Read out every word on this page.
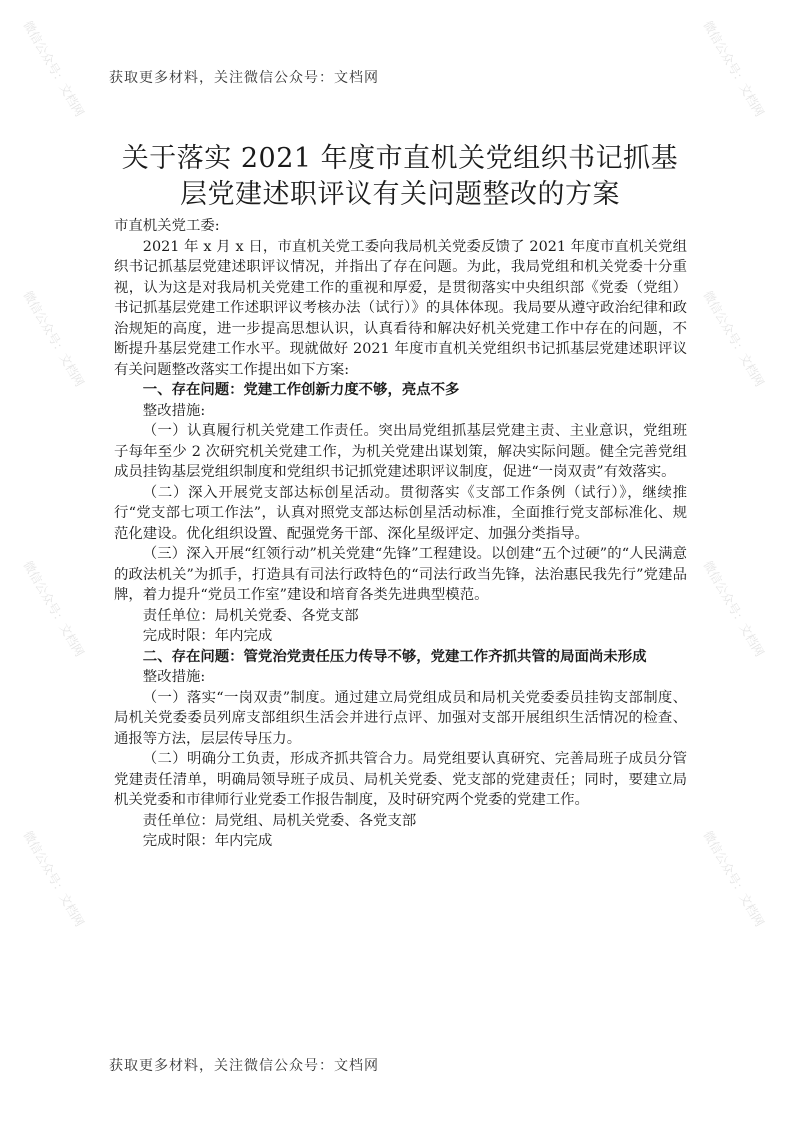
微信公众号：文档网	微信公众号：文档网
微信公众号：文档网	微信公众号：文档网
微信公众号：文档网	微信公众号：文档网
微信公众号：文档网	微信公众号：文档网
获取更多材料，关注微信公众号：文档网
关于落实 2021 年度市直机关党组织书记抓基
层党建述职评议有关问题整改的方案

市直机关党工委:

2021 年 x 月 x 日，市直机关党工委向我局机关党委反馈了 2021 年度市直机关党组织书记抓基层党建述职评议情况，并指出了存在问题。为此，我局党组和机关党委十分重视，认为这是对我局机关党建工作的重视和厚爱，是贯彻落实中央组织部《党委（党组）书记抓基层党建工作述职评议考核办法（试行）》的具体体现。我局要从遵守政治纪律和政治规矩的高度，进一步提高思想认识，认真看待和解决好机关党建工作中存在的问题，不断提升基层党建工作水平。现就做好 2021 年度市直机关党组织书记抓基层党建述职评议有关问题整改落实工作提出如下方案:

一、存在问题：党建工作创新力度不够，亮点不多

整改措施:

（一）认真履行机关党建工作责任。突出局党组抓基层党建主责、主业意识，党组班子每年至少 2 次研究机关党建工作，为机关党建出谋划策，解决实际问题。健全完善党组成员挂钩基层党组织制度和党组织书记抓党建述职评议制度，促进“一岗双责”有效落实。

（二）深入开展党支部达标创星活动。贯彻落实《支部工作条例（试行）》，继续推行“党支部七项工作法”，认真对照党支部达标创星活动标准，全面推行党支部标准化、规范化建设。优化组织设置、配强党务干部、深化星级评定、加强分类指导。

（三）深入开展“红领行动”机关党建“先锋”工程建设。以创建“五个过硬”的“人民满意的政法机关”为抓手，打造具有司法行政特色的“司法行政当先锋，法治惠民我先行”党建品牌，着力提升“党员工作室”建设和培育各类先进典型模范。

责任单位：局机关党委、各党支部

完成时限：年内完成

二、存在问题：管党治党责任压力传导不够，党建工作齐抓共管的局面尚未形成

整改措施:

（一）落实“一岗双责”制度。通过建立局党组成员和局机关党委委员挂钩支部制度、局机关党委委员列席支部组织生活会并进行点评、加强对支部开展组织生活情况的检查、通报等方法，层层传导压力。

（二）明确分工负责，形成齐抓共管合力。局党组要认真研究、完善局班子成员分管党建责任清单，明确局领导班子成员、局机关党委、党支部的党建责任；同时，要建立局机关党委和市律师行业党委工作报告制度，及时研究两个党委的党建工作。

责任单位：局党组、局机关党委、各党支部

完成时限：年内完成

获取更多材料，关注微信公众号：文档网
